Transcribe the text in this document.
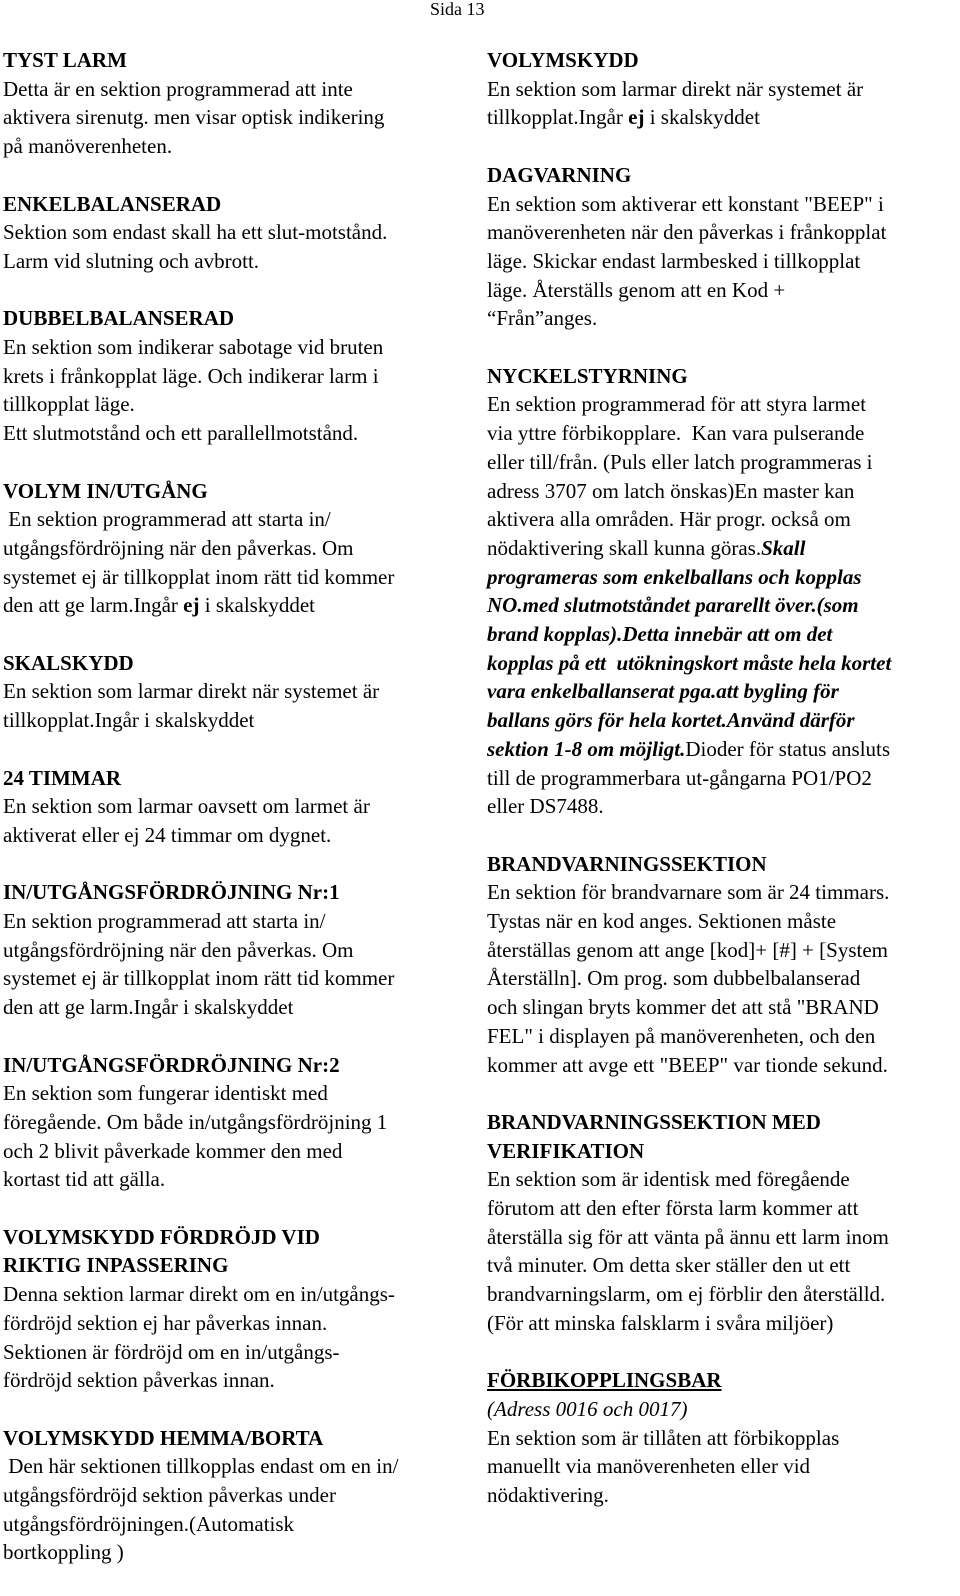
Sida 13
TYST LARM
Detta är en sektion programmerad att inte
aktivera sirenutg. men visar optisk indikering
på manöverenheten.
ENKELBALANSERAD
Sektion som endast skall ha ett slut-motstånd.
Larm vid slutning och avbrott.
DUBBELBALANSERAD
En sektion som indikerar sabotage vid bruten
krets i frånkopplat läge. Och indikerar larm i
tillkopplat läge.
Ett slutmotstånd och ett parallellmotstånd.
VOLYM IN/UTGÅNG
En sektion programmerad att starta in/
utgångsfördröjning när den påverkas. Om
systemet ej är tillkopplat inom rätt tid kommer
den att ge larm.Ingår ej i skalskyddet
SKALSKYDD
En sektion som larmar direkt när systemet är
tillkopplat.Ingår i skalskyddet
24 TIMMAR
En sektion som larmar oavsett om larmet är
aktiverat eller ej 24 timmar om dygnet.
IN/UTGÅNGSFÖRDRÖJNING Nr:1
En sektion programmerad att starta in/
utgångsfördröjning när den påverkas. Om
systemet ej är tillkopplat inom rätt tid kommer
den att ge larm.Ingår i skalskyddet
IN/UTGÅNGSFÖRDRÖJNING Nr:2
En sektion som fungerar identiskt med
föregående. Om både in/utgångsfördröjning 1
och 2 blivit påverkade kommer den med
kortast tid att gälla.
VOLYMSKYDD FÖRDRÖJD VID
RIKTIG INPASSERING
Denna sektion larmar direkt om en in/utgångs-
fördröjd sektion ej har påverkas innan.
Sektionen är fördröjd om en in/utgångs-
fördröjd sektion påverkas innan.
VOLYMSKYDD HEMMA/BORTA
Den här sektionen tillkopplas endast om en in/
utgångsfördröjd sektion påverkas under
utgångsfördröjningen.(Automatisk
bortkoppling )
VOLYMSKYDD
En sektion som larmar direkt när systemet är
tillkopplat.Ingår ej i skalskyddet
DAGVARNING
En sektion som aktiverar ett konstant "BEEP" i
manöverenheten när den påverkas i frånkopplat
läge. Skickar endast larmbesked i tillkopplat
läge. Återställs genom att en Kod +
“Från”anges.
NYCKELSTYRNING
En sektion programmerad för att styra larmet
via yttre förbikopplare.  Kan vara pulserande
eller till/från. (Puls eller latch programmeras i
adress 3707 om latch önskas)En master kan
aktivera alla områden. Här progr. också om
nödaktivering skall kunna göras.Skall
programeras som enkelballans och kopplas
NO.med slutmotståndet pararellt över.(som
brand kopplas).Detta innebär att om det
kopplas på ett  utökningskort måste hela kortet
vara enkelballanserat pga.att bygling för
ballans görs för hela kortet.Använd därför
sektion 1-8 om möjligt.Dioder för status ansluts
till de programmerbara ut-gångarna PO1/PO2
eller DS7488.
BRANDVARNINGSSEKTION
En sektion för brandvarnare som är 24 timmars.
Tystas när en kod anges. Sektionen måste
återställas genom att ange [kod]+ [#] + [System
Återställn]. Om prog. som dubbelbalanserad
och slingan bryts kommer det att stå "BRAND
FEL" i displayen på manöverenheten, och den
kommer att avge ett "BEEP" var tionde sekund.
BRANDVARNINGSSEKTION MED
VERIFIKATION
En sektion som är identisk med föregående
förutom att den efter första larm kommer att
återställa sig för att vänta på ännu ett larm inom
två minuter. Om detta sker ställer den ut ett
brandvarningslarm, om ej förblir den återställd.
(För att minska falsklarm i svåra miljöer)
FÖRBIKOPPLINGSBAR
(Adress 0016 och 0017)
En sektion som är tillåten att förbikopplas
manuellt via manöverenheten eller vid
nödaktivering.
